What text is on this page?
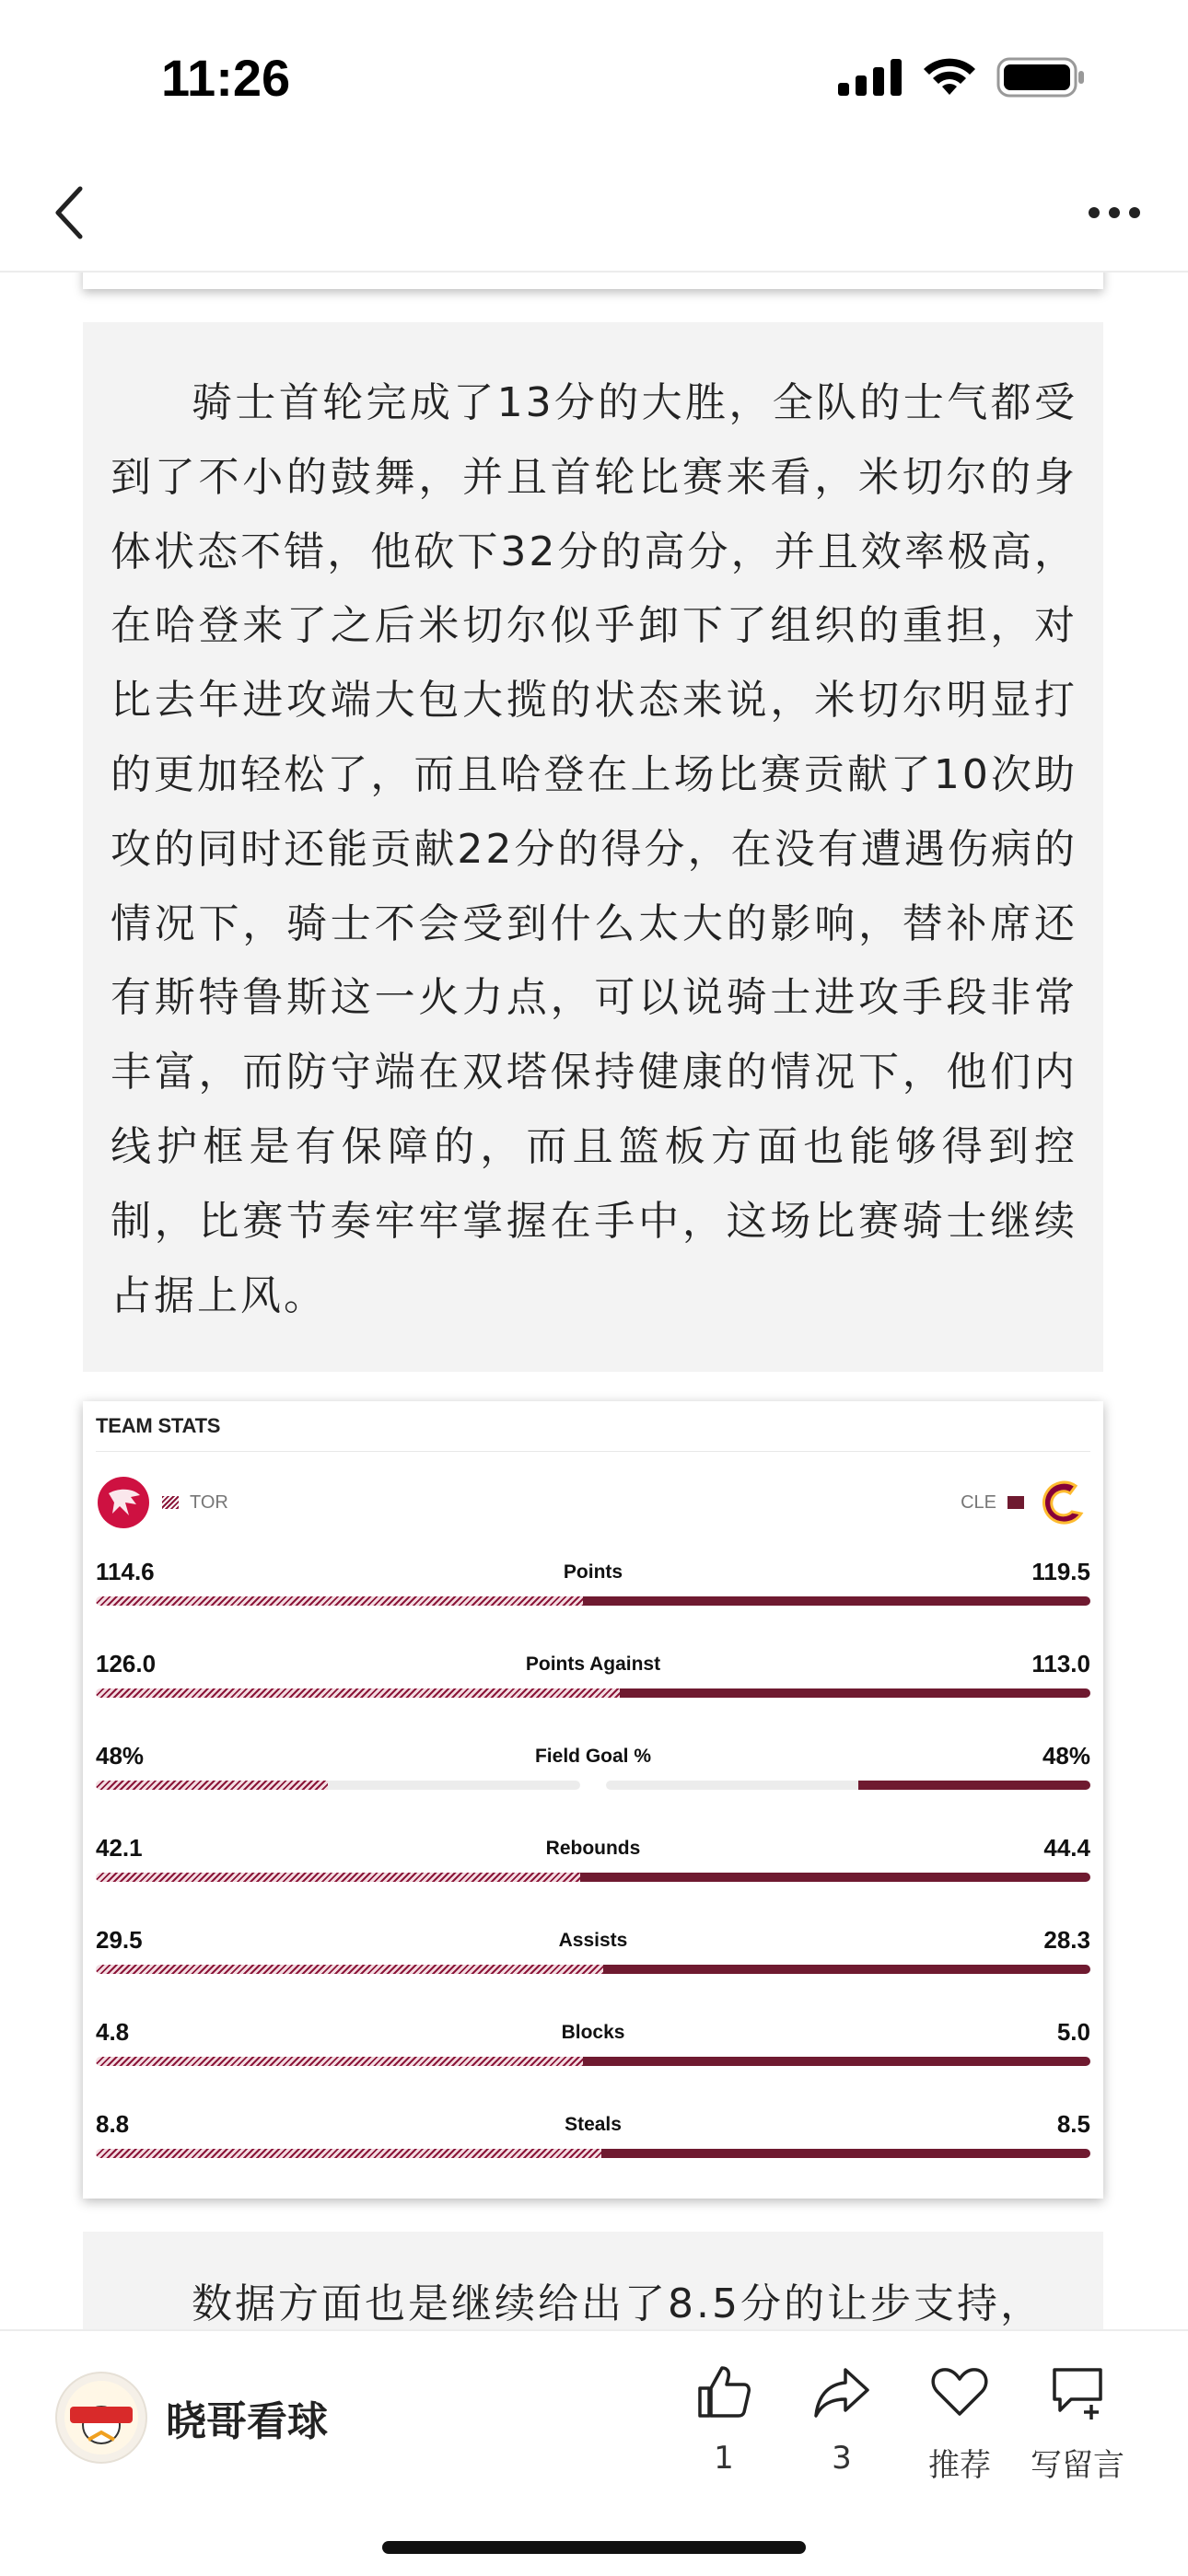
11:26

骑士首轮完成了13分的大胜，全队的士气都受到了不小的鼓舞，并且首轮比赛来看，米切尔的身体状态不错，他砍下32分的高分，并且效率极高，在哈登来了之后米切尔似乎卸下了组织的重担，对比去年进攻端大包大揽的状态来说，米切尔明显打的更加轻松了，而且哈登在上场比赛贡献了10次助攻的同时还能贡献22分的得分，在没有遭遇伤病的情况下，骑士不会受到什么太大的影响，替补席还有斯特鲁斯这一火力点，可以说骑士进攻手段非常丰富，而防守端在双塔保持健康的情况下，他们内线护框是有保障的，而且篮板方面也能够得到控制，比赛节奏牢牢掌握在手中，这场比赛骑士继续占据上风。

TEAM STATS
TOR	CLE
114.6	Points	119.5
126.0	Points Against	113.0
48%	Field Goal %	48%
42.1	Rebounds	44.4
29.5	Assists	28.3
4.8	Blocks	5.0
8.8	Steals	8.5

数据方面也是继续给出了8.5分的让步支持，

晓哥看球
1	3	推荐	写留言
